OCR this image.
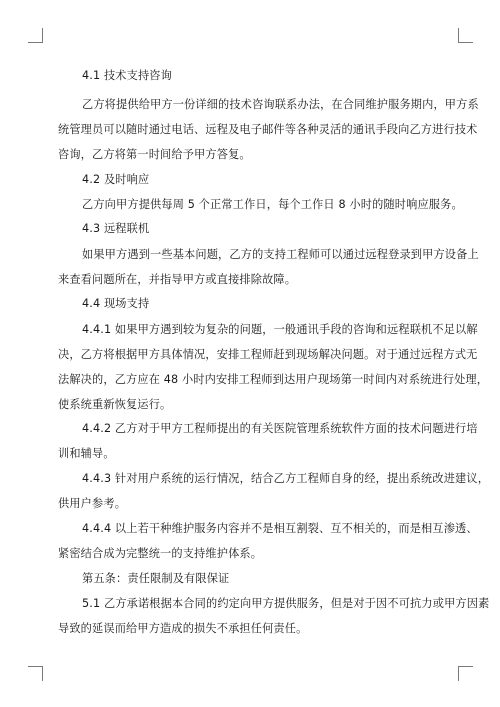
4.1 技术支持咨询
乙方将提供给甲方一份详细的技术咨询联系办法，在合同维护服务期内，甲方系
统管理员可以随时通过电话、远程及电子邮件等各种灵活的通讯手段向乙方进行技术
咨询，乙方将第一时间给予甲方答复。
4.2 及时响应
乙方向甲方提供每周 5 个正常工作日，每个工作日 8 小时的随时响应服务。
4.3 远程联机
如果甲方遇到一些基本问题，乙方的支持工程师可以通过远程登录到甲方设备上
来查看问题所在，并指导甲方或直接排除故障。
4.4 现场支持
4.4.1 如果甲方遇到较为复杂的问题，一般通讯手段的咨询和远程联机不足以解
决，乙方将根据甲方具体情况，安排工程师赶到现场解决问题。对于通过远程方式无
法解决的，乙方应在 48 小时内安排工程师到达用户现场第一时间内对系统进行处理，
使系统重新恢复运行。
4.4.2 乙方对于甲方工程师提出的有关医院管理系统软件方面的技术问题进行培
训和辅导。
4.4.3 针对用户系统的运行情况，结合乙方工程师自身的经，提出系统改进建议，
供用户参考。
4.4.4 以上若干种维护服务内容并不是相互割裂、互不相关的，而是相互渗透、
紧密结合成为完整统一的支持维护体系。
第五条：责任限制及有限保证
5.1 乙方承诺根据本合同的约定向甲方提供服务，但是对于因不可抗力或甲方因素
导致的延误而给甲方造成的损失不承担任何责任。
